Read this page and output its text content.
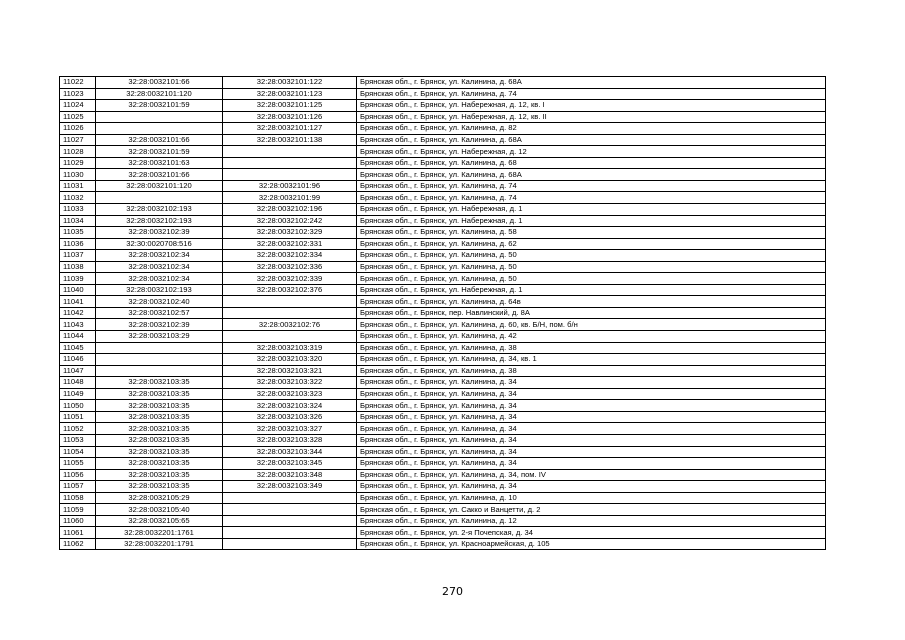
11022	32:28:0032101:66	32:28:0032101:122	Брянская обл., г. Брянск, ул. Калинина, д. 68А
11023	32:28:0032101:120	32:28:0032101:123	Брянская обл., г. Брянск, ул. Калинина, д. 74
11024	32:28:0032101:59	32:28:0032101:125	Брянская обл., г. Брянск, ул. Набережная, д. 12, кв. I
11025		32:28:0032101:126	Брянская обл., г. Брянск, ул. Набережная, д. 12, кв. II
11026		32:28:0032101:127	Брянская обл., г. Брянск, ул. Калинина, д. 82
11027	32:28:0032101:66	32:28:0032101:138	Брянская обл., г. Брянск, ул. Калинина, д. 68А
11028	32:28:0032101:59		Брянская обл., г. Брянск, ул. Набережная, д. 12
11029	32:28:0032101:63		Брянская обл., г. Брянск, ул. Калинина, д. 68
11030	32:28:0032101:66		Брянская обл., г. Брянск, ул. Калинина, д. 68А
11031	32:28:0032101:120	32:28:0032101:96	Брянская обл., г. Брянск, ул. Калинина, д. 74
11032		32:28:0032101:99	Брянская обл., г. Брянск, ул. Калинина, д. 74
11033	32:28:0032102:193	32:28:0032102:196	Брянская обл., г. Брянск, ул. Набережная, д. 1
11034	32:28:0032102:193	32:28:0032102:242	Брянская обл., г. Брянск, ул. Набережная, д. 1
11035	32:28:0032102:39	32:28:0032102:329	Брянская обл., г. Брянск, ул. Калинина, д. 58
11036	32:30:0020708:516	32:28:0032102:331	Брянская обл., г. Брянск, ул. Калинина, д. 62
11037	32:28:0032102:34	32:28:0032102:334	Брянская обл., г. Брянск, ул. Калинина, д. 50
11038	32:28:0032102:34	32:28:0032102:336	Брянская обл., г. Брянск, ул. Калинина, д. 50
11039	32:28:0032102:34	32:28:0032102:339	Брянская обл., г. Брянск, ул. Калинина, д. 50
11040	32:28:0032102:193	32:28:0032102:376	Брянская обл., г. Брянск, ул. Набережная, д. 1
11041	32:28:0032102:40		Брянская обл., г. Брянск, ул. Калинина, д. 64в
11042	32:28:0032102:57		Брянская обл., г. Брянск, пер. Навлинский, д. 8А
11043	32:28:0032102:39	32:28:0032102:76	Брянская обл., г. Брянск, ул. Калинина, д. 60, кв. Б/Н, пом. б/н
11044	32:28:0032103:29		Брянская обл., г. Брянск, ул. Калинина, д. 42
11045		32:28:0032103:319	Брянская обл., г. Брянск, ул. Калинина, д. 38
11046		32:28:0032103:320	Брянская обл., г. Брянск, ул. Калинина, д. 34, кв. 1
11047		32:28:0032103:321	Брянская обл., г. Брянск, ул. Калинина, д. 38
11048	32:28:0032103:35	32:28:0032103:322	Брянская обл., г. Брянск, ул. Калинина, д. 34
11049	32:28:0032103:35	32:28:0032103:323	Брянская обл., г. Брянск, ул. Калинина, д. 34
11050	32:28:0032103:35	32:28:0032103:324	Брянская обл., г. Брянск, ул. Калинина, д. 34
11051	32:28:0032103:35	32:28:0032103:326	Брянская обл., г. Брянск, ул. Калинина, д. 34
11052	32:28:0032103:35	32:28:0032103:327	Брянская обл., г. Брянск, ул. Калинина, д. 34
11053	32:28:0032103:35	32:28:0032103:328	Брянская обл., г. Брянск, ул. Калинина, д. 34
11054	32:28:0032103:35	32:28:0032103:344	Брянская обл., г. Брянск, ул. Калинина, д. 34
11055	32:28:0032103:35	32:28:0032103:345	Брянская обл., г. Брянск, ул. Калинина, д. 34
11056	32:28:0032103:35	32:28:0032103:348	Брянская обл., г. Брянск, ул. Калинина, д. 34, пом. IV
11057	32:28:0032103:35	32:28:0032103:349	Брянская обл., г. Брянск, ул. Калинина, д. 34
11058	32:28:0032105:29		Брянская обл., г. Брянск, ул. Калинина, д. 10
11059	32:28:0032105:40		Брянская обл., г. Брянск, ул. Сакко и Ванцетти, д. 2
11060	32:28:0032105:65		Брянская обл., г. Брянск, ул. Калинина, д. 12
11061	32:28:0032201:1761		Брянская обл., г. Брянск, ул. 2-я Почепская, д. 34
11062	32:28:0032201:1791		Брянская обл., г. Брянск, ул. Красноармейская, д. 105
270
